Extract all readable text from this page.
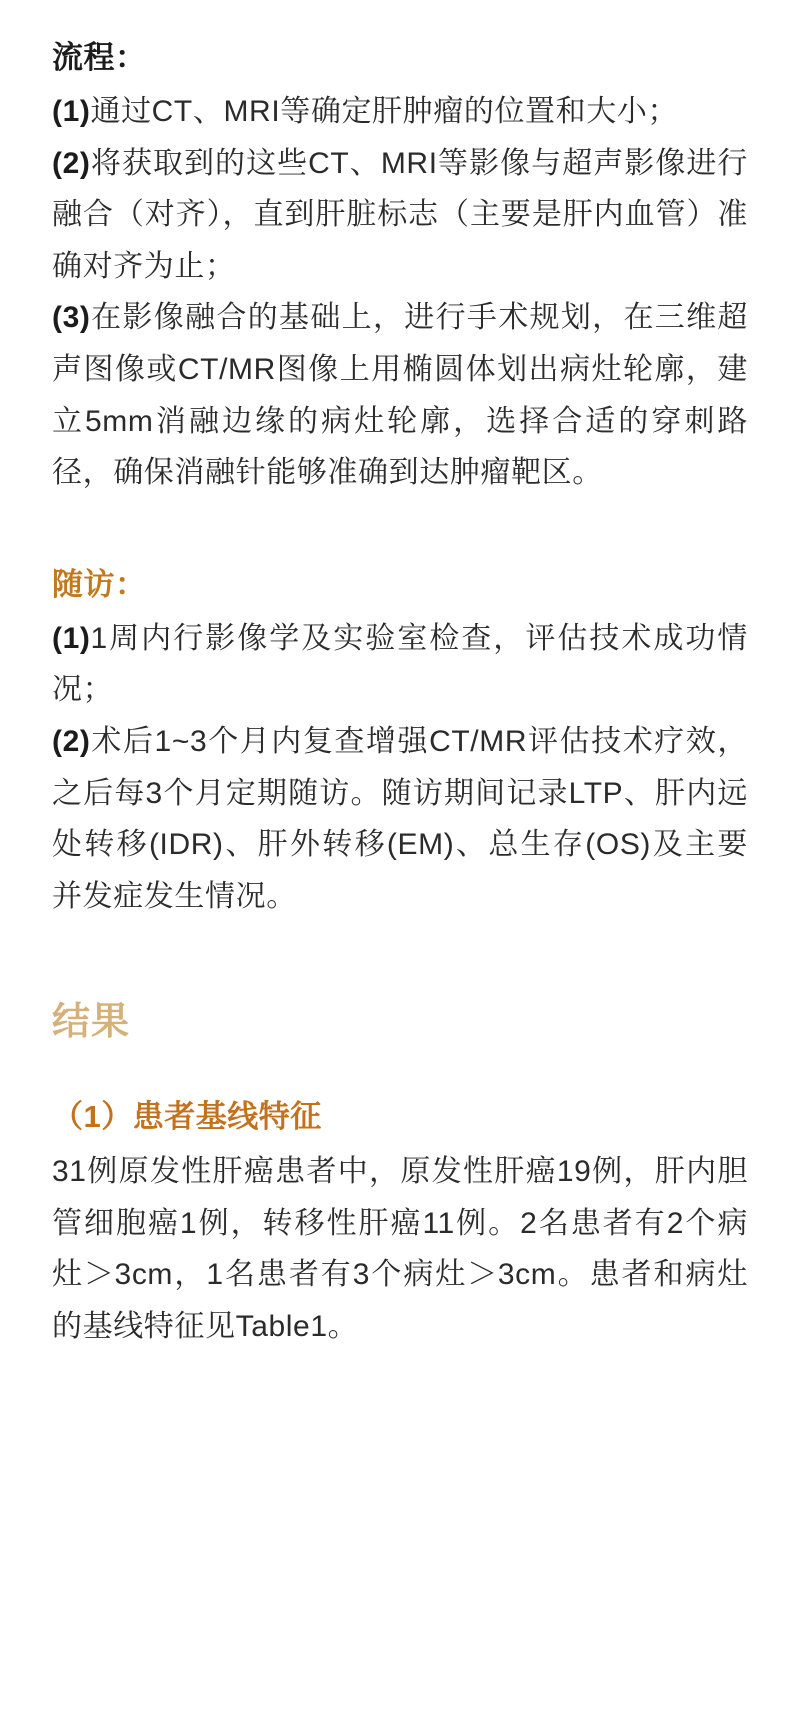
流程：

(1)通过CT、MRI等确定肝肿瘤的位置和大小；

(2)将获取到的这些CT、MRI等影像与超声影像进行融合（对齐），直到肝脏标志（主要是肝内血管）准确对齐为止；

(3)在影像融合的基础上，进行手术规划，在三维超声图像或CT/MR图像上用椭圆体划出病灶轮廓，建立5mm消融边缘的病灶轮廓，选择合适的穿刺路径，确保消融针能够准确到达肿瘤靶区。

随访：

(1)1周内行影像学及实验室检查，评估技术成功情况；

(2)术后1~3个月内复查增强CT/MR评估技术疗效，之后每3个月定期随访。随访期间记录LTP、肝内远处转移(IDR)、肝外转移(EM)、总生存(OS)及主要并发症发生情况。

结果
（1）患者基线特征

31例原发性肝癌患者中，原发性肝癌19例，肝内胆管细胞癌1例，转移性肝癌11例。2名患者有2个病灶＞3cm，1名患者有3个病灶＞3cm。患者和病灶的基线特征见Table1。
